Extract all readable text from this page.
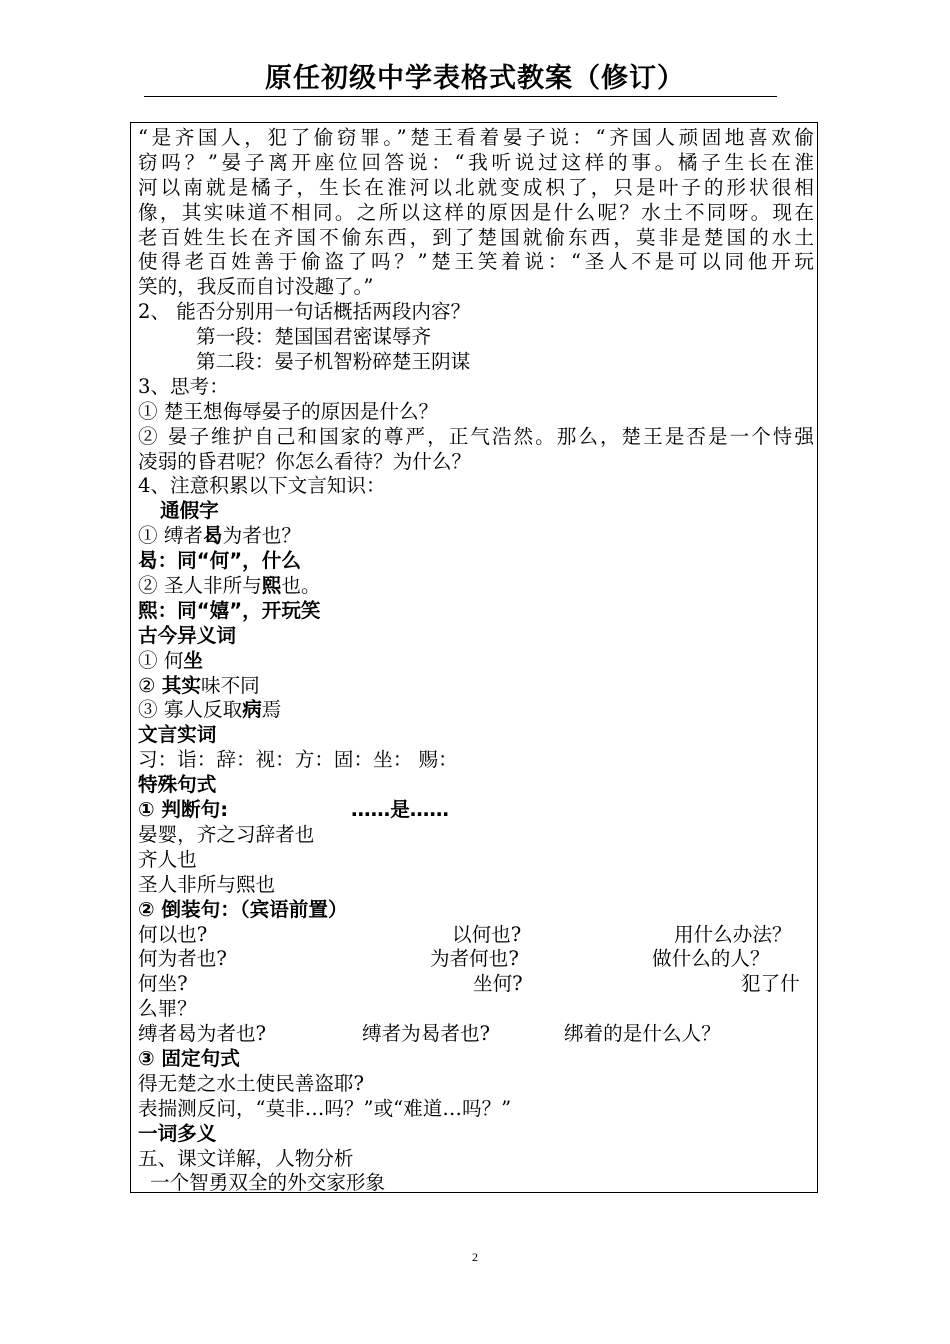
原任初级中学表格式教案（修订）
“是齐国人，犯了偷窃罪。”楚王看着晏子说：“齐国人顽固地喜欢偷
窃吗？”晏子离开座位回答说：“我听说过这样的事。橘子生长在淮
河以南就是橘子，生长在淮河以北就变成枳了，只是叶子的形状很相
像，其实味道不相同。之所以这样的原因是什么呢？水土不同呀。现在
老百姓生长在齐国不偷东西，到了楚国就偷东西，莫非是楚国的水土
使得老百姓善于偷盗了吗？”楚王笑着说：“圣人不是可以同他开玩
笑的，我反而自讨没趣了。”
2、 能否分别用一句话概括两段内容？
第一段：楚国国君密谋辱齐
第二段：晏子机智粉碎楚王阴谋
3、思考：
① 楚王想侮辱晏子的原因是什么？
② 晏子维护自己和国家的尊严，正气浩然。那么，楚王是否是一个恃强
凌弱的昏君呢？你怎么看待？为什么？
4、注意积累以下文言知识：
通假字
① 缚者曷为者也？
曷：同“何”，什么
② 圣人非所与熙也。
熙：同“嬉”，开玩笑
古今异义词
① 何坐
② 其实味不同
③ 寡人反取病焉
文言实词
习：诣：辞：视：方：固：坐： 赐：
特殊句式
① 判断句:	……是……
晏婴，齐之习辞者也
齐人也
圣人非所与熙也
② 倒装句：（宾语前置）
何以也?	以何也?	用什么办法？
何为者也?	为者何也?	做什么的人？
何坐?	坐何?	犯了什
么罪？
缚者曷为者也?	缚者为曷者也?	绑着的是什么人？
③ 固定句式
得无楚之水土使民善盗耶?
表揣测反问，“莫非…吗？”或“难道…吗？”
一词多义
五、课文详解，人物分析
一个智勇双全的外交家形象
2
